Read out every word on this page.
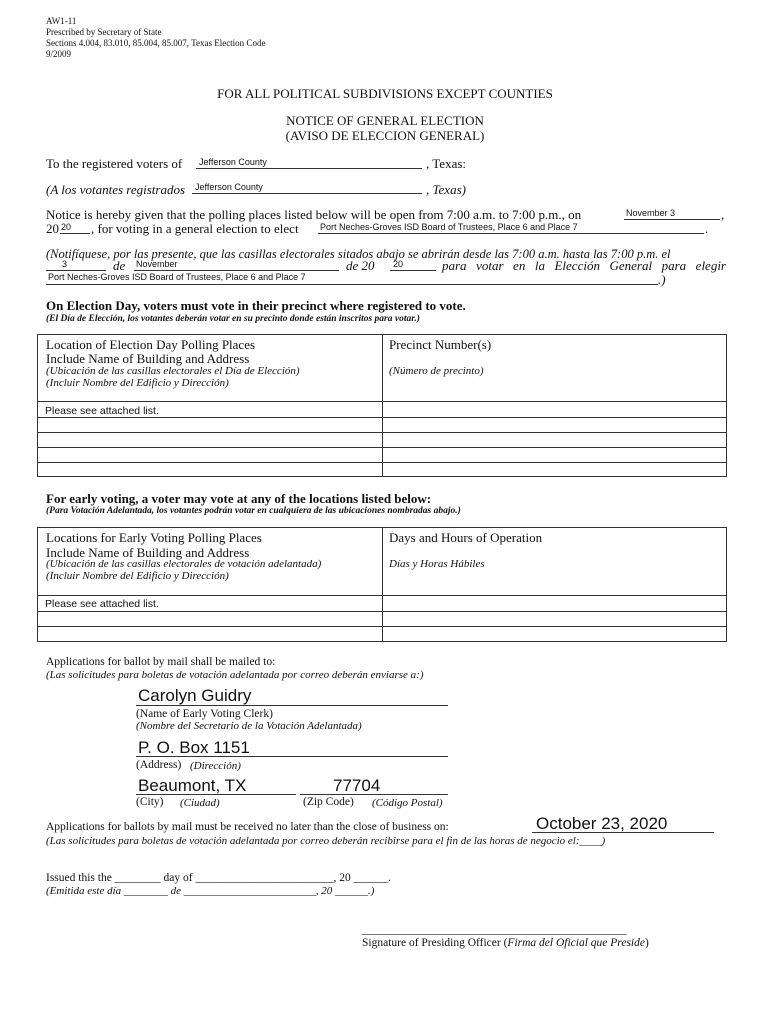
AW1-11
Prescribed by Secretary of State
Sections 4.004, 83.010, 85.004, 85.007, Texas Election Code
9/2009
FOR ALL POLITICAL SUBDIVISIONS EXCEPT COUNTIES
NOTICE OF GENERAL ELECTION
(AVISO DE ELECCION GENERAL)
To the registered voters of Jefferson County	, Texas:
(A los votantes registrados Jefferson County	, Texas)
Notice is hereby given that the polling places listed below will be open from 7:00 a.m. to 7:00 p.m., on	November 3	,
20 20 , for voting in a general election to elect Port Neches-Groves ISD Board of Trustees, Place 6 and Place 7	.
(Notifíquese, por las presente, que las casillas electorales sitados abajo se abrirán desde las 7:00 a.m. hasta las 7:00 p.m. el
3	de November	de 20 20	para votar en la Elección General para elegir
Port Neches-Groves ISD Board of Trustees, Place 6 and Place 7	.)
On Election Day, voters must vote in their precinct where registered to vote.
(El Día de Elección, los votantes deberán votar en su precinto donde están inscritos para votar.)
Location of Election Day Polling Places
Include Name of Building and Address
(Ubicación de las casillas electorales el Día de Elección)
(Incluir Nombre del Edificio y Dirección)
Precinct Number(s)
(Número de precinto)
Please see attached list.
For early voting, a voter may vote at any of the locations listed below:
(Para Votación Adelantada, los votantes podrán votar en cualquiera de las ubicaciones nombradas abajo.)
Locations for Early Voting Polling Places
Include Name of Building and Address
(Ubicación de las casillas electorales de votación adelantada)
(Incluir Nombre del Edificio y Dirección)
Days and Hours of Operation
Días y Horas Hábiles
Please see attached list.
Applications for ballot by mail shall be mailed to:
(Las solicitudes para boletas de votación adelantada por correo deberán enviarse a:)
Carolyn Guidry
(Name of Early Voting Clerk)
(Nombre del Secretario de la Votación Adelantada)
P. O. Box 1151
(Address) (Dirección)
Beaumont, TX	77704
(City) (Ciudad)	(Zip Code) (Código Postal)
Applications for ballots by mail must be received no later than the close of business on:	October 23, 2020
(Las solicitudes para boletas de votación adelantada por correo deberán recibirse para el fin de las horas de negocio el:____)
Issued this the ________ day of ________________________, 20 ______.
(Emitida este día ________ de ________________________, 20 ______.)
______________________________________________
Signature of Presiding Officer (Firma del Oficial que Preside)
